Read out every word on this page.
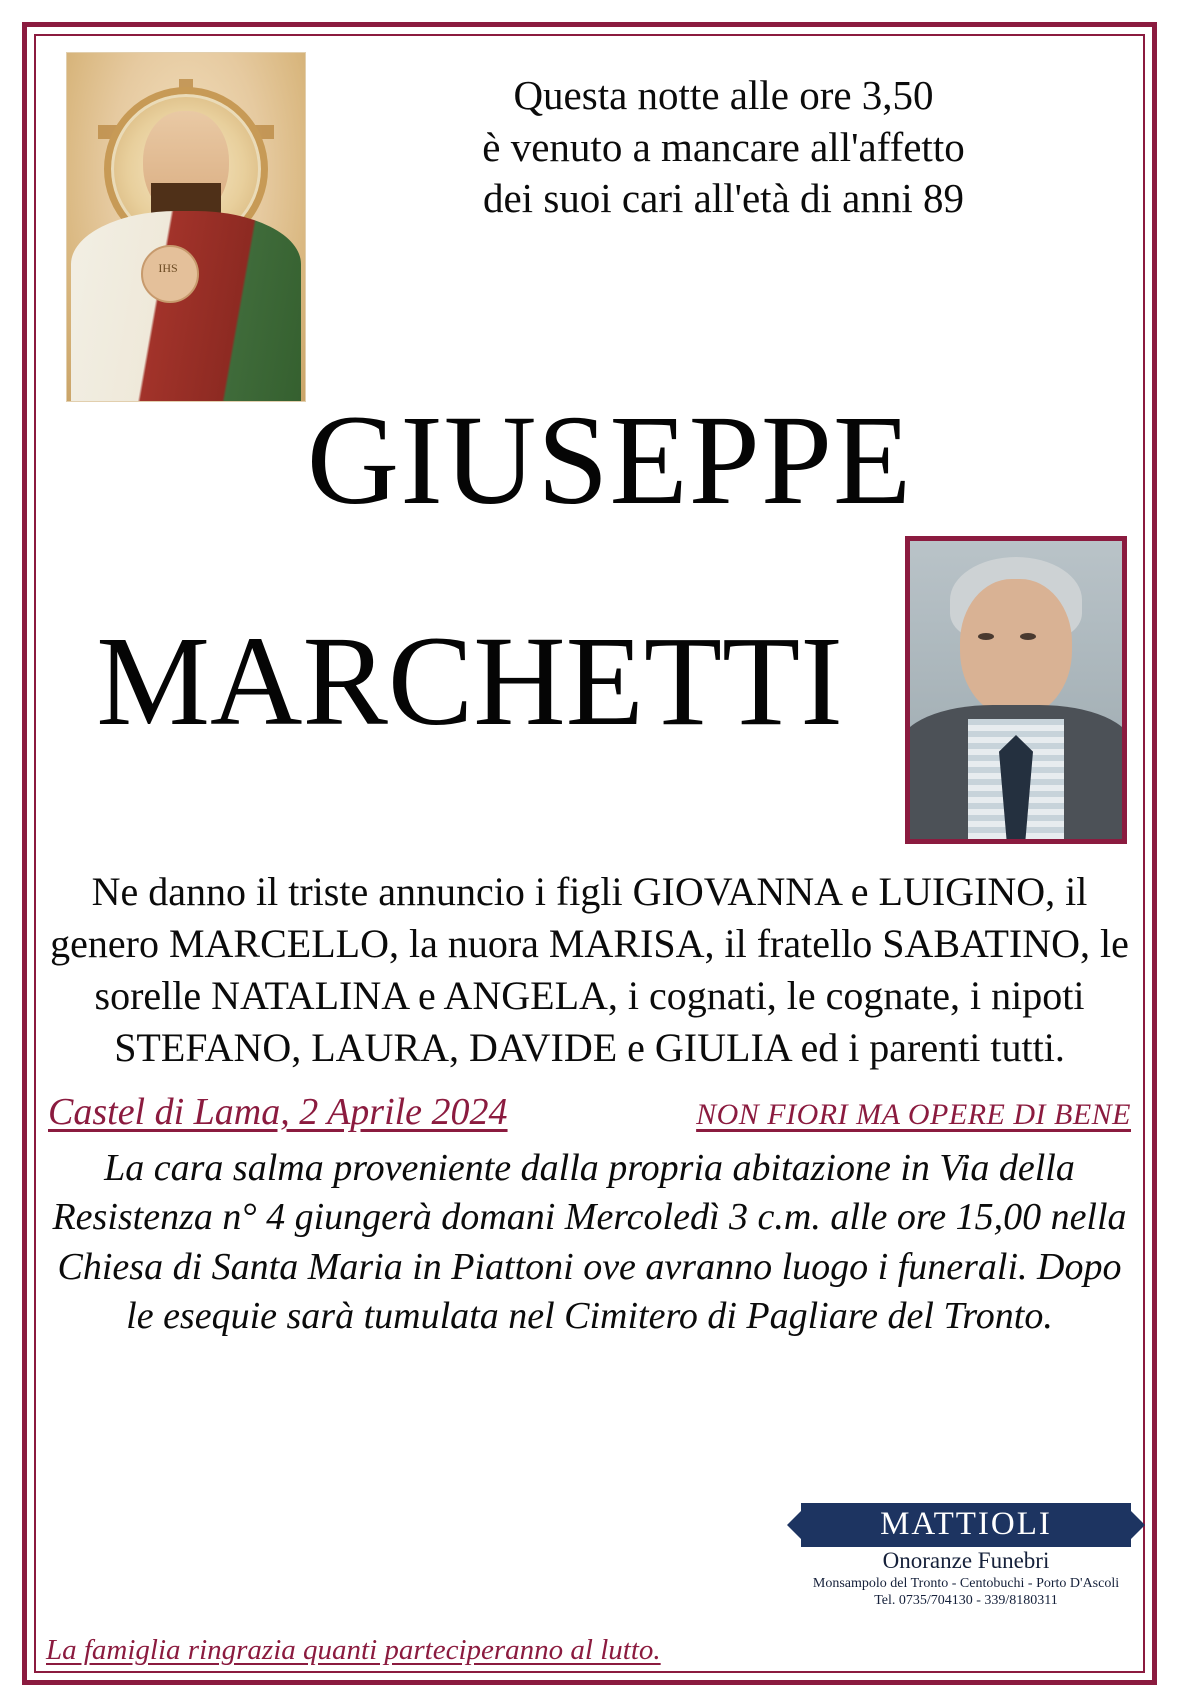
IHS

Questa notte alle ore 3,50

è venuto a mancare all'affetto

dei suoi cari all'età di anni 89

GIUSEPPE
MARCHETTI
Ne danno il triste annuncio i figli GIOVANNA e LUIGINO, il genero MARCELLO, la nuora MARISA, il fratello SABATINO, le sorelle NATALINA e ANGELA, i cognati, le cognate, i nipoti STEFANO, LAURA, DAVIDE e GIULIA ed i parenti tutti.
Castel di Lama, 2 Aprile 2024	NON FIORI MA OPERE DI BENE
La cara salma proveniente dalla propria abitazione in Via della Resistenza n° 4 giungerà domani Mercoledì 3 c.m. alle ore 15,00 nella Chiesa di Santa Maria in Piattoni ove avranno luogo i funerali. Dopo le esequie sarà tumulata nel Cimitero di Pagliare del Tronto.
MATTIOLI
Onoranze Funebri
Monsampolo del Tronto - Centobuchi - Porto D'Ascoli
Tel. 0735/704130 - 339/8180311
La famiglia ringrazia quanti parteciperanno al lutto.
